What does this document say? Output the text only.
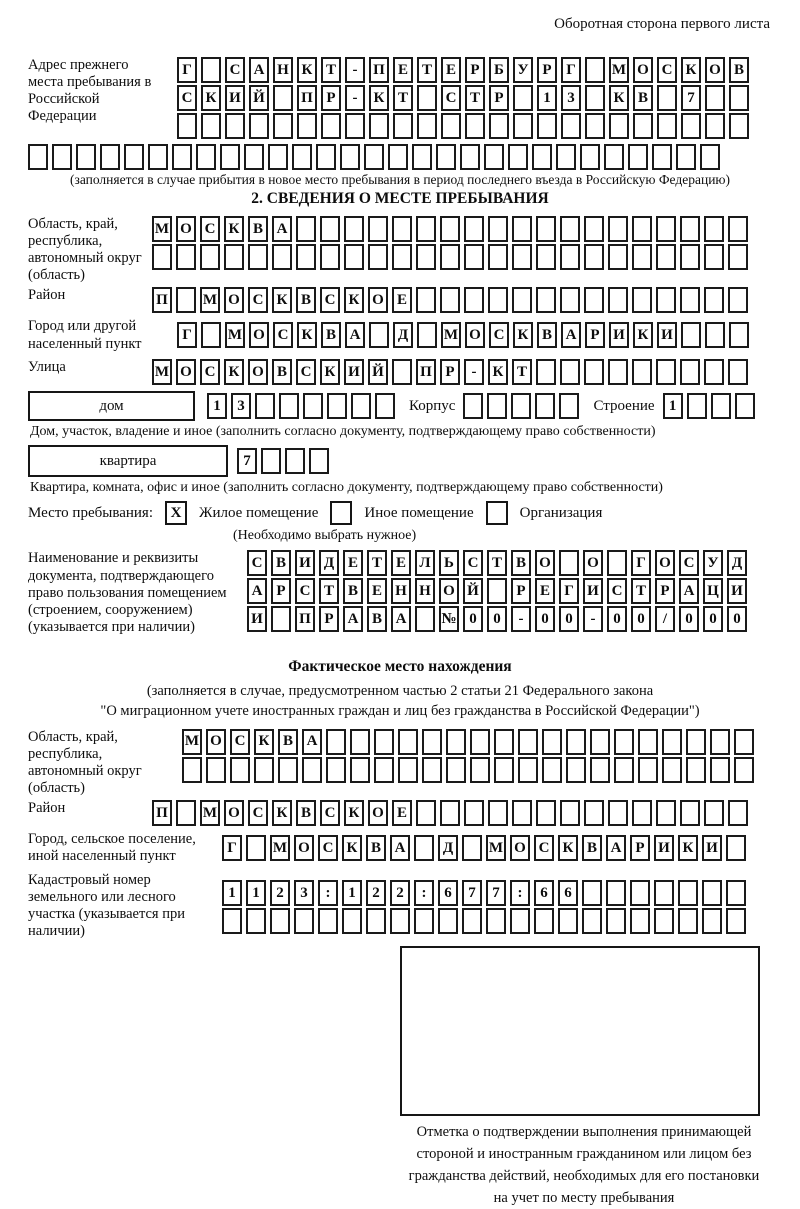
Оборотная сторона первого листа
Адрес прежнего места пребывания в Российской Федерации
Г	С А Н К Т	-	П Е Т Е Р Б У Р Г	М О С К О В
С К И Й П Р	-	К Т	С Т Р	1	3	К В	7
(заполняется в случае прибытия в новое место пребывания в период последнего въезда в Российскую Федерацию)
2. СВЕДЕНИЯ О МЕСТЕ ПРЕБЫВАНИЯ
Область, край, республика, автономный округ (область)
М О С К В А
Район	П М О С К В С К О Е
Город или другой населенный пункт
Г	М О С К В А	Д	М О С К В А Р И К И
Улица	М О С К О В С К И Й П Р	-	К Т
дом	1	3	Корпус	Строение 1
Дом, участок, владение и иное (заполнить согласно документу, подтверждающему право собственности)
квартира	7
Квартира, комната, офис и иное (заполнить согласно документу, подтверждающему право собственности)
Место пребывания:	X	Жилое помещение	Иное помещение	Организация
(Необходимо выбрать нужное)
Наименование и реквизиты документа, подтверждающего право пользования помещением (строением, сооружением) (указывается при наличии)
С В И Д Е Т Е Л Ь С Т В О О	Г О С У Д
А Р С Т В Е Н Н О Й	Р Е Г И С Т Р А Ц И
И П Р А В А	№ 0	0	-	0	0	-	0	0	/	0	0	0
Фактическое место нахождения
(заполняется в случае, предусмотренном частью 2 статьи 21 Федерального закона
"О миграционном учете иностранных граждан и лиц без гражданства в Российской Федерации")
Область, край, республика, автономный округ (область)
М О С К В А
Район	П М О С К В С К О Е
Город, сельское поселение, иной населенный пункт
Г	М О С К В А	Д	М О С К В А Р И К И
Кадастровый номер земельного или лесного участка (указывается при наличии)
1	1	2	3	:	1	2	2	:	6	7	7	:	6	6
Отметка о подтверждении выполнения принимающей
стороной и иностранным гражданином или лицом без
гражданства действий, необходимых для его постановки
на учет по месту пребывания
